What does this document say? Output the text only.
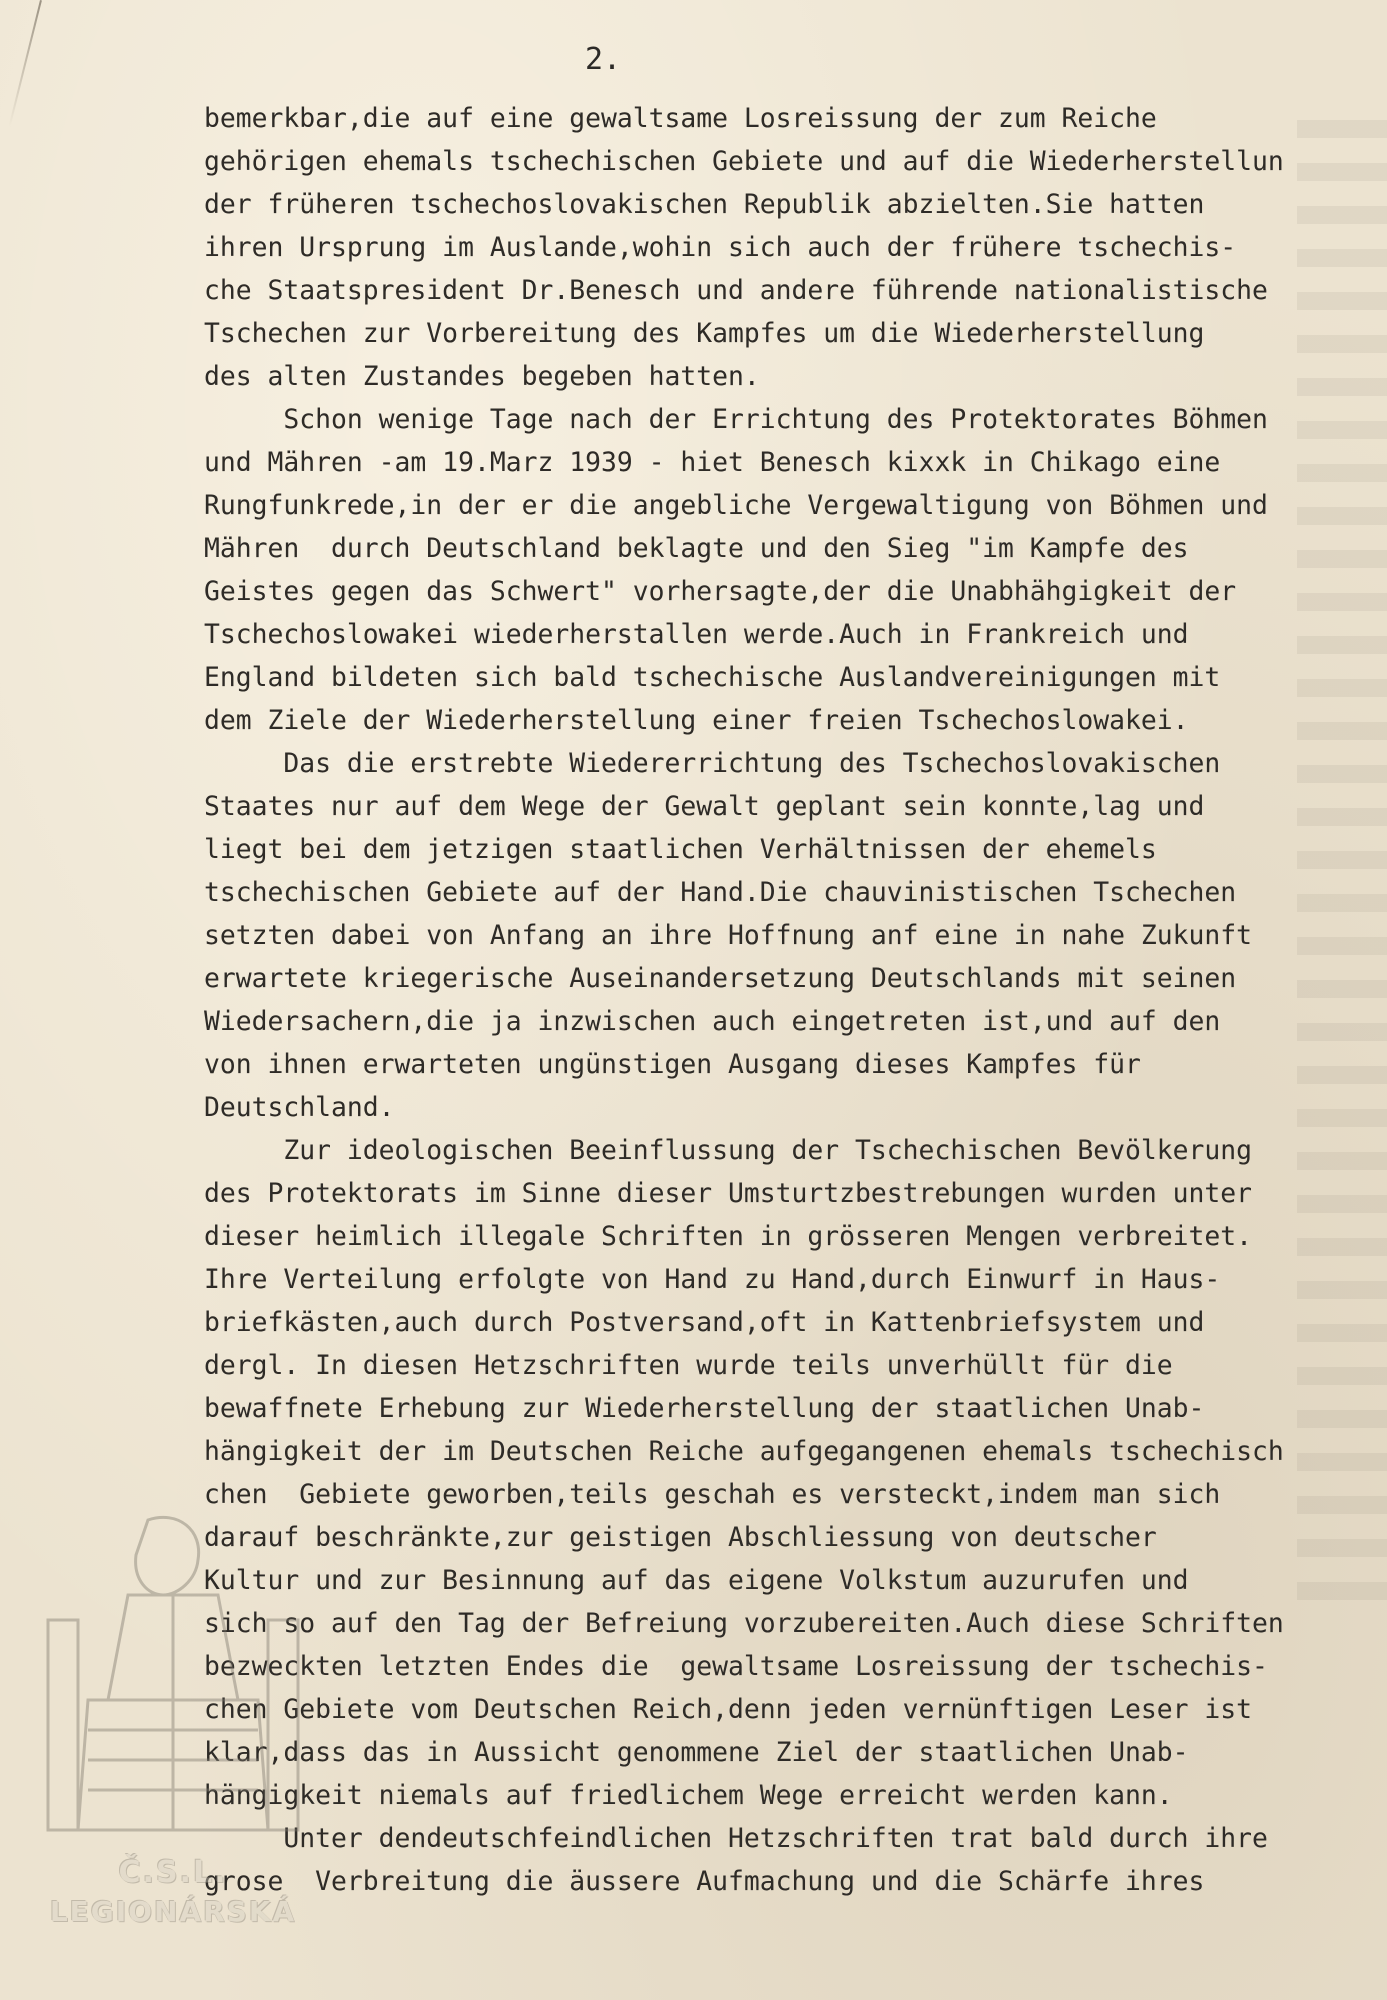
2.
bemerkbar,die auf eine gewaltsame Losreissung der zum Reiche
gehörigen ehemals tschechischen Gebiete und auf die Wiederherstellun
der früheren tschechoslovakischen Republik abzielten.Sie hatten
ihren Ursprung im Auslande,wohin sich auch der frühere tschechis-
che Staatspresident Dr.Benesch und andere führende nationalistische
Tschechen zur Vorbereitung des Kampfes um die Wiederherstellung
des alten Zustandes begeben hatten.
Schon wenige Tage nach der Errichtung des Protektorates Böhmen
und Mähren -am 19.Marz 1939 - hiet Benesch kixxk in Chikago eine
Rungfunkrede,in der er die angebliche Vergewaltigung von Böhmen und
Mähren  durch Deutschland beklagte und den Sieg "im Kampfe des
Geistes gegen das Schwert" vorhersagte,der die Unabhähgigkeit der
Tschechoslowakei wiederherstallen werde.Auch in Frankreich und
England bildeten sich bald tschechische Auslandvereinigungen mit
dem Ziele der Wiederherstellung einer freien Tschechoslowakei.
Das die erstrebte Wiedererrichtung des Tschechoslovakischen
Staates nur auf dem Wege der Gewalt geplant sein konnte,lag und
liegt bei dem jetzigen staatlichen Verhältnissen der ehemels
tschechischen Gebiete auf der Hand.Die chauvinistischen Tschechen
setzten dabei von Anfang an ihre Hoffnung anf eine in nahe Zukunft
erwartete kriegerische Auseinandersetzung Deutschlands mit seinen
Wiedersachern,die ja inzwischen auch eingetreten ist,und auf den
von ihnen erwarteten ungünstigen Ausgang dieses Kampfes für
Deutschland.
Zur ideologischen Beeinflussung der Tschechischen Bevölkerung
des Protektorats im Sinne dieser Umsturtzbestrebungen wurden unter
dieser heimlich illegale Schriften in grösseren Mengen verbreitet.
Ihre Verteilung erfolgte von Hand zu Hand,durch Einwurf in Haus-
briefkästen,auch durch Postversand,oft in Kattenbriefsystem und
dergl. In diesen Hetzschriften wurde teils unverhüllt für die
bewaffnete Erhebung zur Wiederherstellung der staatlichen Unab-
hängigkeit der im Deutschen Reiche aufgegangenen ehemals tschechisch
chen  Gebiete geworben,teils geschah es versteckt,indem man sich
darauf beschränkte,zur geistigen Abschliessung von deutscher
Kultur und zur Besinnung auf das eigene Volkstum auzurufen und
sich so auf den Tag der Befreiung vorzubereiten.Auch diese Schriften
bezweckten letzten Endes die  gewaltsame Losreissung der tschechis-
chen Gebiete vom Deutschen Reich,denn jeden vernünftigen Leser ist
klar,dass das in Aussicht genommene Ziel der staatlichen Unab-
hängigkeit niemals auf friedlichem Wege erreicht werden kann.
Unter dendeutschfeindlichen Hetzschriften trat bald durch ihre
grose  Verbreitung die äussere Aufmachung und die Schärfe ihres
Č.S.L.
LEGIONÁRSKÁ
